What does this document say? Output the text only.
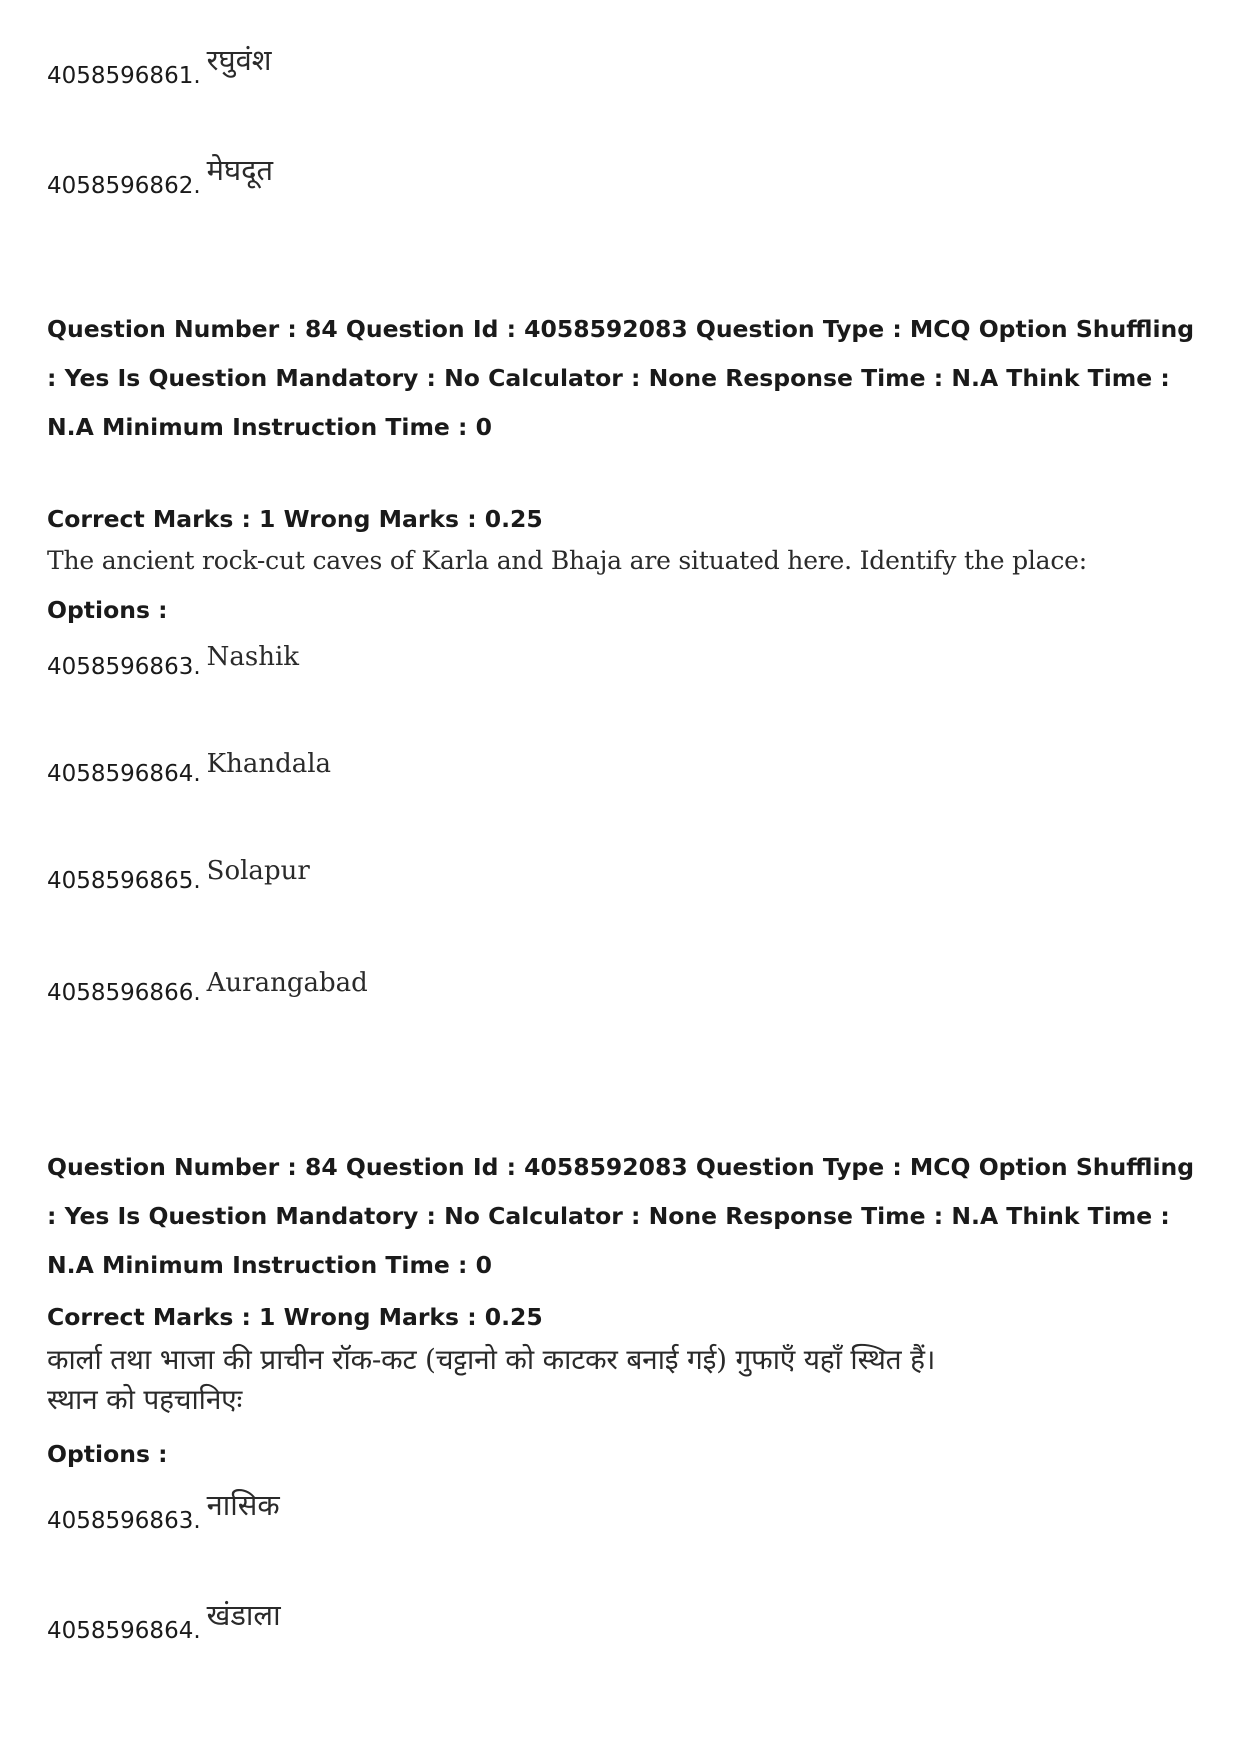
4058596861. रघुवंश
4058596862. मेघदूत
Question Number : 84 Question Id : 4058592083 Question Type : MCQ Option Shuffling : Yes Is Question Mandatory : No Calculator : None Response Time : N.A Think Time : N.A Minimum Instruction Time : 0
Correct Marks : 1 Wrong Marks : 0.25
The ancient rock-cut caves of Karla and Bhaja are situated here. Identify the place:
Options :
4058596863. Nashik
4058596864. Khandala
4058596865. Solapur
4058596866. Aurangabad
Question Number : 84 Question Id : 4058592083 Question Type : MCQ Option Shuffling : Yes Is Question Mandatory : No Calculator : None Response Time : N.A Think Time : N.A Minimum Instruction Time : 0
Correct Marks : 1 Wrong Marks : 0.25
कार्ला तथा भाजा की प्राचीन रॉक-कट (चट्टानो को काटकर बनाई गई) गुफाएँ यहाँ स्थित हैं। स्थान को पहचानिएः
Options :
4058596863. नासिक
4058596864. खंडाला
